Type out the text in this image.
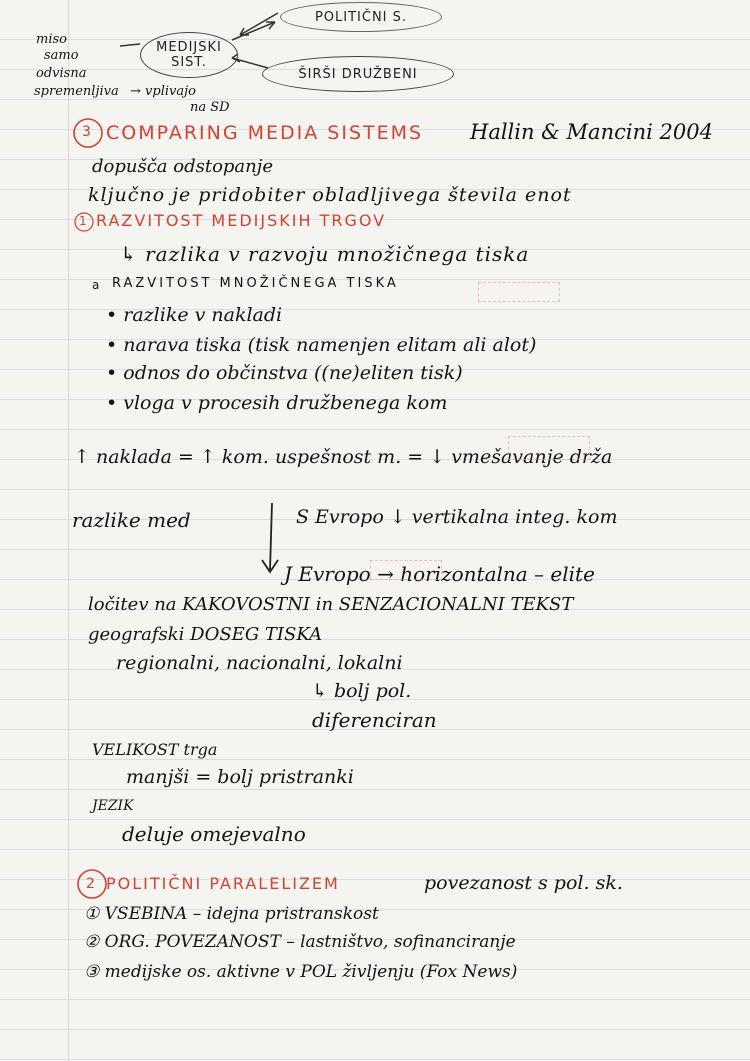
POLITIČNI S.
MEDIJSKI SIST.
ŠIRŠI DRUŽBENI
miso
samo
odvisna
spremenljiva → vplivajo
na SD
3 COMPARING MEDIA SISTEMS Hallin & Mancini 2004
dopušča odstopanje
ključno je pridobiter obladljivega števila enot
1 RAZVITOST MEDIJSKIH TRGOV
↳ razlika v razvoju množičnega tiska
a RAZVITOST MNOŽIČNEGA TISKA
• razlike v nakladi
• narava tiska (tisk namenjen elitam ali alot)
• odnos do občinstva ((ne)eliten tisk)
• vloga v procesih družbenega kom
↑ naklada = ↑ kom. uspešnost m. = ↓ vmešavanje drža
razlike med	S Evropo ↓ vertikalna integ. kom
J Evropo → horizontalna – elite
ločitev na KAKOVOSTNI in SENZACIONALNI TEKST
geografski DOSEG TISKA
regionalni, nacionalni, lokalni
↳ bolj pol.
diferenciran
VELIKOST trga
manjši = bolj pristranki
JEZIK
deluje omejevalno
2 POLITIČNI PARALELIZEM	povezanost s pol. sk.
① VSEBINA – idejna pristranskost
② ORG. POVEZANOST – lastništvo, sofinanciranje
③ medijske os. aktivne v POL življenju (Fox News)
